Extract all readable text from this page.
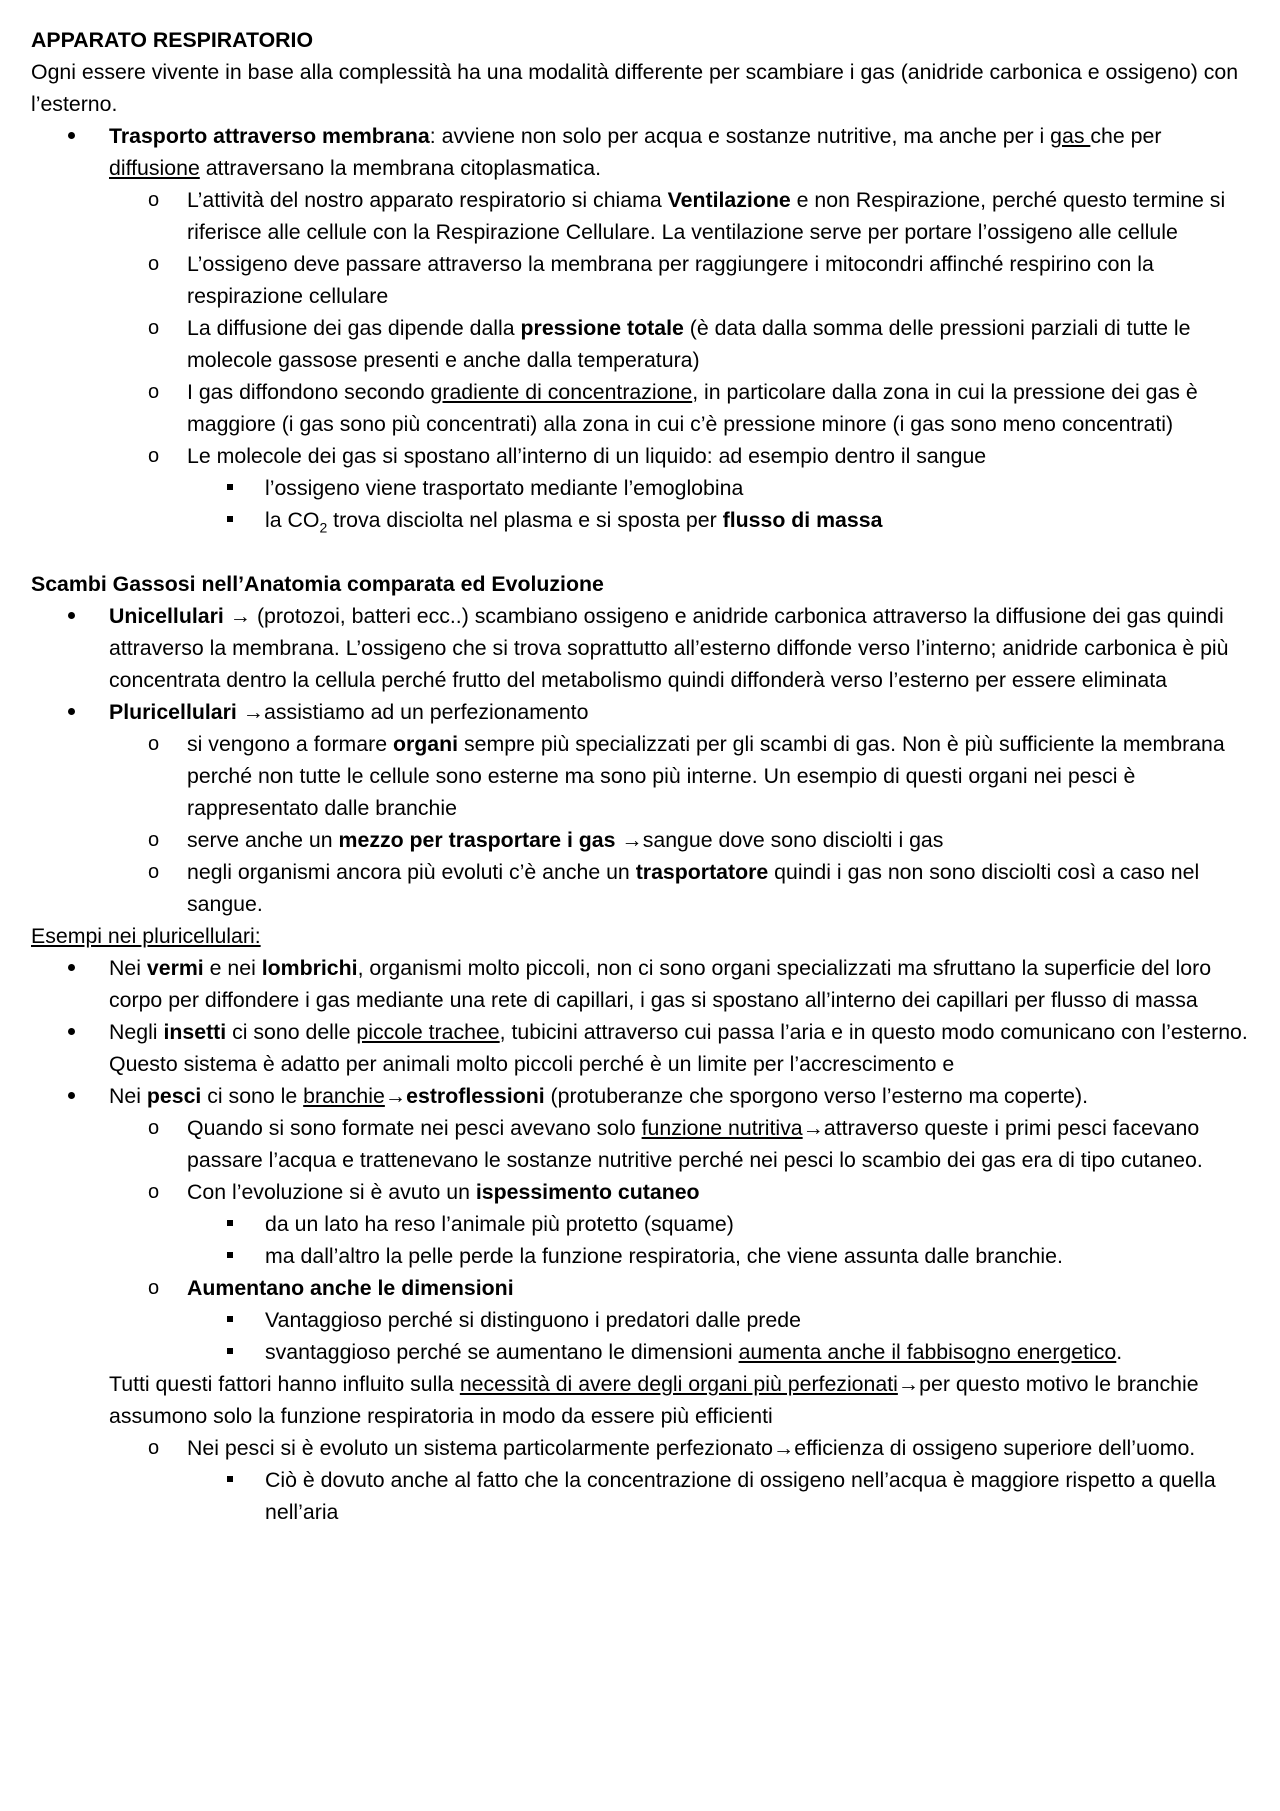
APPARATO RESPIRATORIO

Ogni essere vivente in base alla complessità ha una modalità differente per scambiare i gas (anidride carbonica e ossigeno) con l’esterno.

Trasporto attraverso membrana: avviene non solo per acqua e sostanze nutritive, ma anche per i gas che per diffusione attraversano la membrana citoplasmatica.

o L’attività del nostro apparato respiratorio si chiama Ventilazione e non Respirazione, perché questo termine si riferisce alle cellule con la Respirazione Cellulare. La ventilazione serve per portare l’ossigeno alle cellule

o L’ossigeno deve passare attraverso la membrana per raggiungere i mitocondri affinché respirino con la respirazione cellulare

o La diffusione dei gas dipende dalla pressione totale (è data dalla somma delle pressioni parziali di tutte le molecole gassose presenti e anche dalla temperatura)

o I gas diffondono secondo gradiente di concentrazione, in particolare dalla zona in cui la pressione dei gas è maggiore (i gas sono più concentrati) alla zona in cui c’è pressione minore (i gas sono meno concentrati)

o Le molecole dei gas si spostano all’interno di un liquido: ad esempio dentro il sangue

l’ossigeno viene trasportato mediante l’emoglobina

la $CO_2$ trova disciolta nel plasma e si sposta per flusso di massa

Scambi Gassosi nell’Anatomia comparata ed Evoluzione

Unicellulari → (protozoi, batteri ecc..) scambiano ossigeno e anidride carbonica attraverso la diffusione dei gas quindi attraverso la membrana. L’ossigeno che si trova soprattutto all’esterno diffonde verso l’interno; anidride carbonica è più concentrata dentro la cellula perché frutto del metabolismo quindi diffonderà verso l’esterno per essere eliminata

Pluricellulari →assistiamo ad un perfezionamento

o si vengono a formare organi sempre più specializzati per gli scambi di gas. Non è più sufficiente la membrana perché non tutte le cellule sono esterne ma sono più interne. Un esempio di questi organi nei pesci è rappresentato dalle branchie

o serve anche un mezzo per trasportare i gas →sangue dove sono disciolti i gas

o negli organismi ancora più evoluti c’è anche un trasportatore quindi i gas non sono disciolti così a caso nel sangue.

Esempi nei pluricellulari:

Nei vermi e nei lombrichi, organismi molto piccoli, non ci sono organi specializzati ma sfruttano la superficie del loro corpo per diffondere i gas mediante una rete di capillari, i gas si spostano all’interno dei capillari per flusso di massa

Negli insetti ci sono delle piccole trachee, tubicini attraverso cui passa l’aria e in questo modo comunicano con l’esterno. Questo sistema è adatto per animali molto piccoli perché è un limite per l’accrescimento e

Nei pesci ci sono le branchie→estroflessioni (protuberanze che sporgono verso l’esterno ma coperte).

o Quando si sono formate nei pesci avevano solo funzione nutritiva→attraverso queste i primi pesci facevano passare l’acqua e trattenevano le sostanze nutritive perché nei pesci lo scambio dei gas era di tipo cutaneo.

o Con l’evoluzione si è avuto un ispessimento cutaneo

da un lato ha reso l’animale più protetto (squame)

ma dall’altro la pelle perde la funzione respiratoria, che viene assunta dalle branchie.

o Aumentano anche le dimensioni

Vantaggioso perché si distinguono i predatori dalle prede

svantaggioso perché se aumentano le dimensioni aumenta anche il fabbisogno energetico.

Tutti questi fattori hanno influito sulla necessità di avere degli organi più perfezionati→per questo motivo le branchie assumono solo la funzione respiratoria in modo da essere più efficienti

o Nei pesci si è evoluto un sistema particolarmente perfezionato→efficienza di ossigeno superiore dell’uomo.

Ciò è dovuto anche al fatto che la concentrazione di ossigeno nell’acqua è maggiore rispetto a quella nell’aria
